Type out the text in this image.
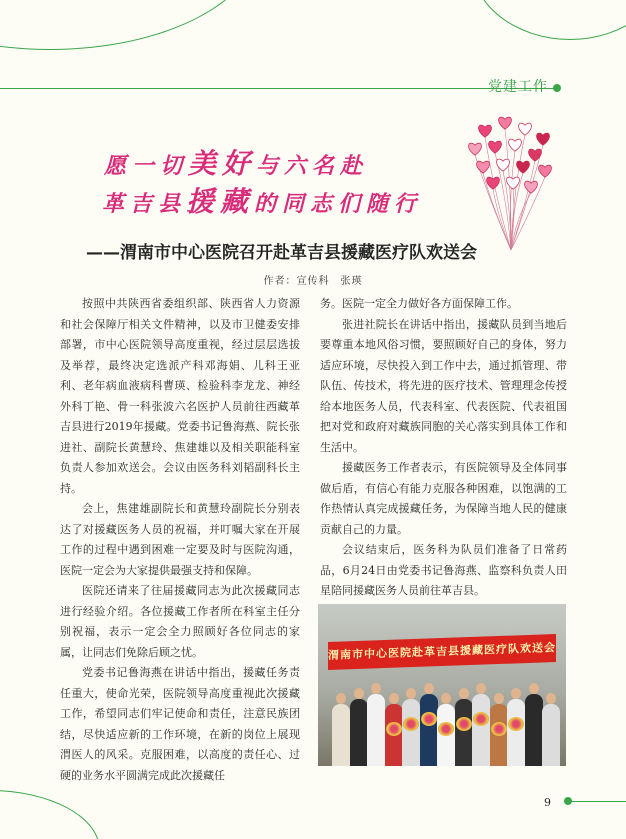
党建工作
愿一切美好与六名赴
革吉县援藏的同志们随行
——渭南市中心医院召开赴革吉县援藏医疗队欢送会
作者：宣传科　张瑛

按照中共陕西省委组织部、陕西省人力资源和社会保障厅相关文件精神，以及市卫健委安排部署，市中心医院领导高度重视，经过层层选拔及举荐，最终决定选派产科邓海娟、儿科王亚利、老年病血液病科曹瑛、检验科李龙龙、神经外科丁艳、骨一科张波六名医护人员前往西藏革吉县进行2019年援藏。党委书记鲁海燕、院长张进社、副院长黄慧玲、焦建雄以及相关职能科室负责人参加欢送会。会议由医务科刘韬副科长主持。

会上，焦建雄副院长和黄慧玲副院长分别表达了对援藏医务人员的祝福，并叮嘱大家在开展工作的过程中遇到困难一定要及时与医院沟通，医院一定会为大家提供最强支持和保障。

医院还请来了往届援藏同志为此次援藏同志进行经验介绍。各位援藏工作者所在科室主任分别祝福，表示一定会全力照顾好各位同志的家属，让同志们免除后顾之忧。

党委书记鲁海燕在讲话中指出，援藏任务责任重大，使命光荣，医院领导高度重视此次援藏工作，希望同志们牢记使命和责任，注意民族团结，尽快适应新的工作环境，在新的岗位上展现渭医人的风采。克服困难，以高度的责任心、过硬的业务水平圆满完成此次援藏任

务。医院一定全力做好各方面保障工作。

张进社院长在讲话中指出，援藏队员到当地后要尊重本地风俗习惯，要照顾好自己的身体，努力适应环境，尽快投入到工作中去，通过抓管理、带队伍、传技术，将先进的医疗技术、管理理念传授给本地医务人员，代表科室、代表医院、代表祖国把对党和政府对藏族同胞的关心落实到具体工作和生活中。

援藏医务工作者表示，有医院领导及全体同事做后盾，有信心有能力克服各种困难，以饱满的工作热情认真完成援藏任务，为保障当地人民的健康贡献自己的力量。

会议结束后，医务科为队员们准备了日常药品，6月24日由党委书记鲁海燕、监察科负责人田星陪同援藏医务人员前往革吉县。

渭南市中心医院赴革吉县援藏医疗队欢送会
9
